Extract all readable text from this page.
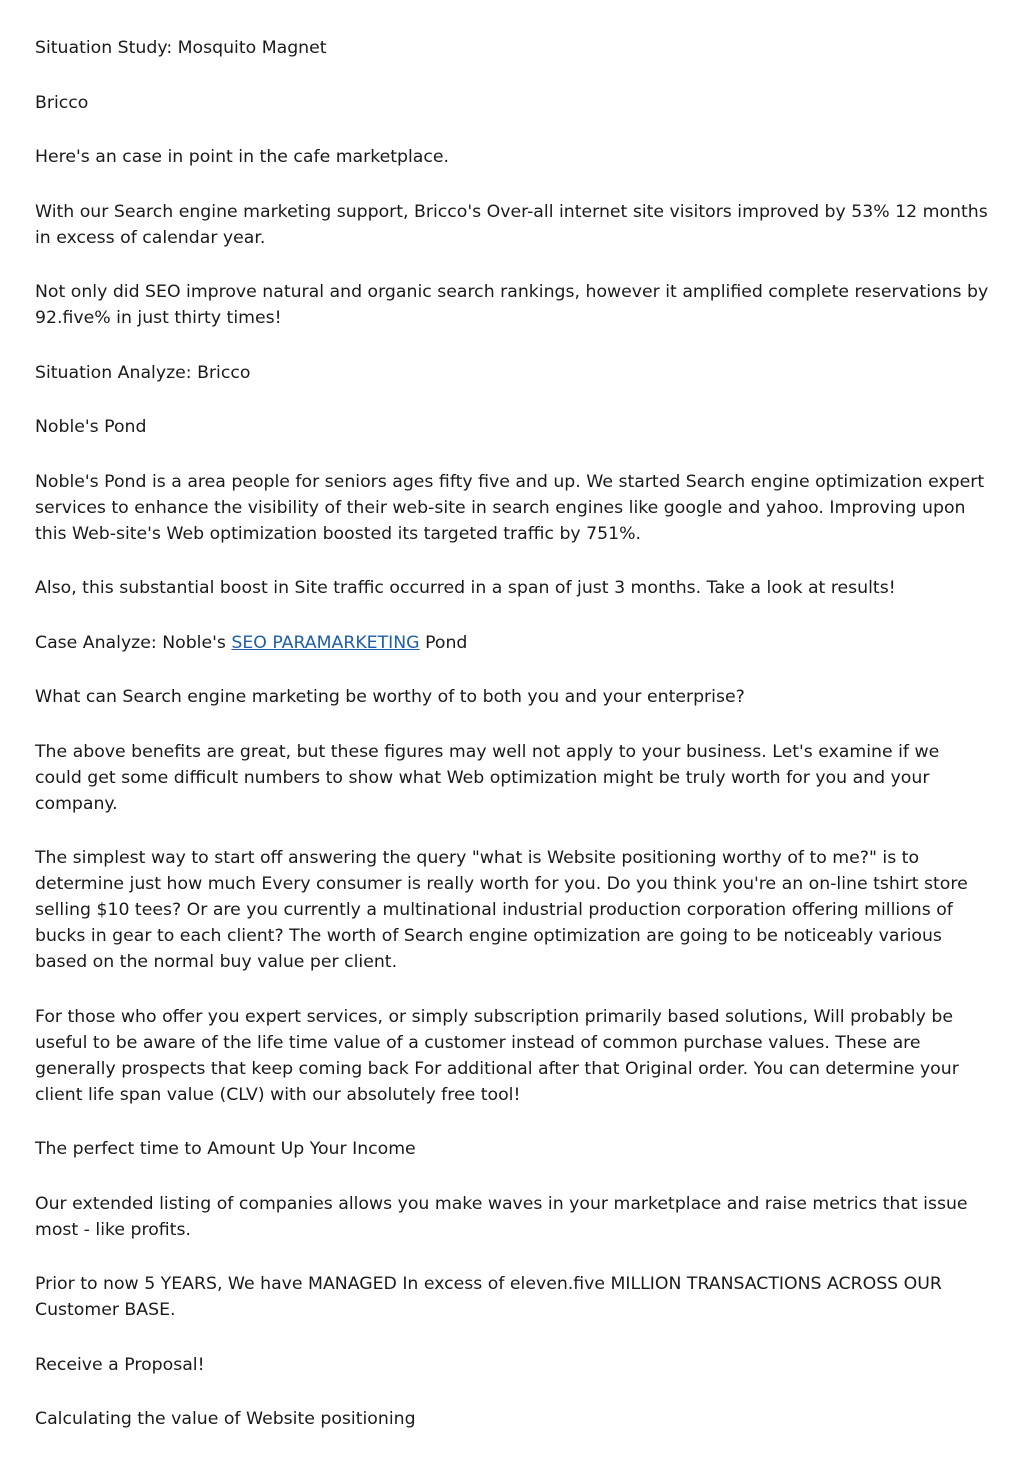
Situation Study: Mosquito Magnet

Bricco

Here's an case in point in the cafe marketplace.

With our Search engine marketing support, Bricco's Over-all internet site visitors improved by 53% 12 months in excess of calendar year.

Not only did SEO improve natural and organic search rankings, however it amplified complete reservations by 92.five% in just thirty times!

Situation Analyze: Bricco

Noble's Pond

Noble's Pond is a area people for seniors ages fifty five and up. We started Search engine optimization expert services to enhance the visibility of their web-site in search engines like google and yahoo. Improving upon this Web-site's Web optimization boosted its targeted traffic by 751%.

Also, this substantial boost in Site traffic occurred in a span of just 3 months. Take a look at results!

Case Analyze: Noble's SEO PARAMARKETING Pond

What can Search engine marketing be worthy of to both you and your enterprise?

The above benefits are great, but these figures may well not apply to your business. Let's examine if we could get some difficult numbers to show what Web optimization might be truly worth for you and your company.

The simplest way to start off answering the query "what is Website positioning worthy of to me?" is to determine just how much Every consumer is really worth for you. Do you think you're an on-line tshirt store selling $10 tees? Or are you currently a multinational industrial production corporation offering millions of bucks in gear to each client? The worth of Search engine optimization are going to be noticeably various based on the normal buy value per client.

For those who offer you expert services, or simply subscription primarily based solutions, Will probably be useful to be aware of the life time value of a customer instead of common purchase values. These are generally prospects that keep coming back For additional after that Original order. You can determine your client life span value (CLV) with our absolutely free tool!

The perfect time to Amount Up Your Income

Our extended listing of companies allows you make waves in your marketplace and raise metrics that issue most - like profits.

Prior to now 5 YEARS, We have MANAGED In excess of eleven.five MILLION TRANSACTIONS ACROSS OUR Customer BASE.

Receive a Proposal!

Calculating the value of Website positioning
